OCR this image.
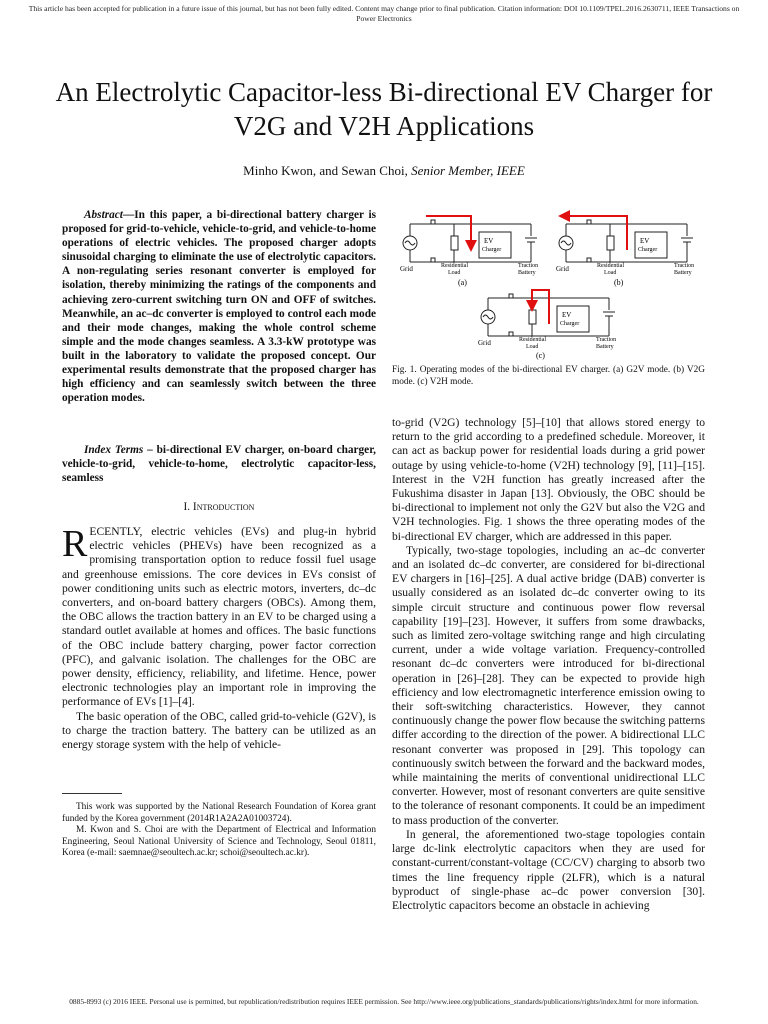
This article has been accepted for publication in a future issue of this journal, but has not been fully edited. Content may change prior to final publication. Citation information: DOI 10.1109/TPEL.2016.2630711, IEEE Transactions on Power Electronics
An Electrolytic Capacitor-less Bi-directional EV Charger for V2G and V2H Applications
Minho Kwon, and Sewan Choi, Senior Member, IEEE

Abstract—In this paper, a bi-directional battery charger is proposed for grid-to-vehicle, vehicle-to-grid, and vehicle-to-home operations of electric vehicles. The proposed charger adopts sinusoidal charging to eliminate the use of electrolytic capacitors. A non-regulating series resonant converter is employed for isolation, thereby minimizing the ratings of the components and achieving zero-current switching turn ON and OFF of switches. Meanwhile, an ac–dc converter is employed to control each mode and their mode changes, making the whole control scheme simple and the mode changes seamless. A 3.3-kW prototype was built in the laboratory to validate the proposed concept. Our experimental results demonstrate that the proposed charger has high efficiency and can seamlessly switch between the three operation modes.

Index Terms – bi-directional EV charger, on-board charger, vehicle-to-grid, vehicle-to-home, electrolytic capacitor-less, seamless

I. Introduction

RECENTLY, electric vehicles (EVs) and plug-in hybrid electric vehicles (PHEVs) have been recognized as a promising transportation option to reduce fossil fuel usage and greenhouse emissions. The core devices in EVs consist of power conditioning units such as electric motors, inverters, dc–dc converters, and on-board battery chargers (OBCs). Among them, the OBC allows the traction battery in an EV to be charged using a standard outlet available at homes and offices. The basic functions of the OBC include battery charging, power factor correction (PFC), and galvanic isolation. The challenges for the OBC are power density, efficiency, reliability, and lifetime. Hence, power electronic technologies play an important role in improving the performance of EVs [1]–[4].

The basic operation of the OBC, called grid-to-vehicle (G2V), is to charge the traction battery. The battery can be utilized as an energy storage system with the help of vehicle-

This work was supported by the National Research Foundation of Korea grant funded by the Korea government (2014R1A2A2A01003724).

M. Kwon and S. Choi are with the Department of Electrical and Information Engineering, Seoul National University of Science and Technology, Seoul 01811, Korea (e-mail: saemnae@seoultech.ac.kr; schoi@seoultech.ac.kr).

Grid	Residential
Load
EV
Charger
Traction
Battery
(a)
Grid	Residential
Load
EV
Charger
Traction
Battery
(b)
Grid	Residential
Load
EV
Charger
Traction
Battery
(c)
Fig. 1. Operating modes of the bi-directional EV charger. (a) G2V mode. (b) V2G mode. (c) V2H mode.

to-grid (V2G) technology [5]–[10] that allows stored energy to return to the grid according to a predefined schedule. Moreover, it can act as backup power for residential loads during a grid power outage by using vehicle-to-home (V2H) technology [9], [11]–[15]. Interest in the V2H function has greatly increased after the Fukushima disaster in Japan [13]. Obviously, the OBC should be bi-directional to implement not only the G2V but also the V2G and V2H technologies. Fig. 1 shows the three operating modes of the bi-directional EV charger, which are addressed in this paper.

Typically, two-stage topologies, including an ac–dc converter and an isolated dc–dc converter, are considered for bi-directional EV chargers in [16]–[25]. A dual active bridge (DAB) converter is usually considered as an isolated dc–dc converter owing to its simple circuit structure and continuous power flow reversal capability [19]–[23]. However, it suffers from some drawbacks, such as limited zero-voltage switching range and high circulating current, under a wide voltage variation. Frequency-controlled resonant dc–dc converters were introduced for bi-directional operation in [26]–[28]. They can be expected to provide high efficiency and low electromagnetic interference emission owing to their soft-switching characteristics. However, they cannot continuously change the power flow because the switching patterns differ according to the direction of the power. A bidirectional LLC resonant converter was proposed in [29]. This topology can continuously switch between the forward and the backward modes, while maintaining the merits of conventional unidirectional LLC converter. However, most of resonant converters are quite sensitive to the tolerance of resonant components. It could be an impediment to mass production of the converter.

In general, the aforementioned two-stage topologies contain large dc-link electrolytic capacitors when they are used for constant-current/constant-voltage (CC/CV) charging to absorb two times the line frequency ripple (2LFR), which is a natural byproduct of single-phase ac–dc power conversion [30]. Electrolytic capacitors become an obstacle in achieving

0885-8993 (c) 2016 IEEE. Personal use is permitted, but republication/redistribution requires IEEE permission. See http://www.ieee.org/publications_standards/publications/rights/index.html for more information.
